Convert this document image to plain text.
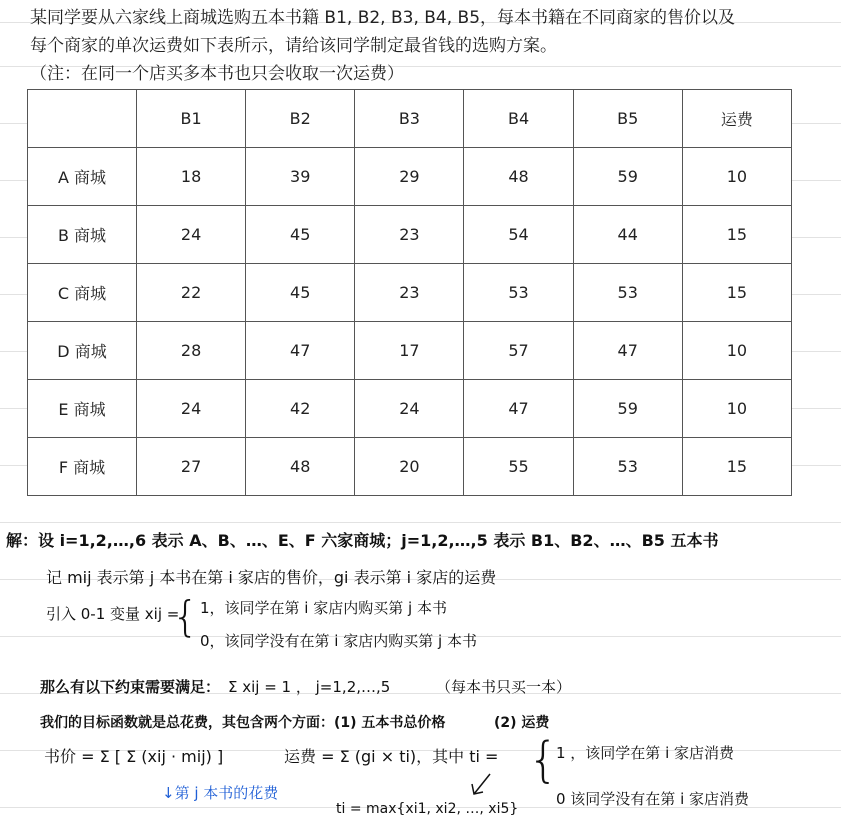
某同学要从六家线上商城选购五本书籍 B1, B2, B3, B4, B5，每本书籍在不同商家的售价以及
每个商家的单次运费如下表所示，请给该同学制定最省钱的选购方案。
（注：在同一个店买多本书也只会收取一次运费）
	B1	B2	B3	B4	B5	运费
A 商城	18	39	29	48	59	10
B 商城	24	45	23	54	44	15
C 商城	22	45	23	53	53	15
D 商城	28	47	17	57	47	10
E 商城	24	42	24	47	59	10
F 商城	27	48	20	55	53	15
解：设 i=1,2,…,6 表示 A、B、…、E、F 六家商城；j=1,2,…,5 表示 B1、B2、…、B5 五本书
记 mij 表示第 j 本书在第 i 家店的售价，gi 表示第 i 家店的运费
引入 0-1 变量 xij =
{ 1，该同学在第 i 家店内购买第 j 本书
0，该同学没有在第 i 家店内购买第 j 本书
那么有以下约束需要满足： Σ xij = 1 ， j=1,2,…,5	（每本书只买一本）
我们的目标函数就是总花费，其包含两个方面：(1) 五本书总价格	(2) 运费
书价 = Σ [ Σ (xij · mij) ]	运费 = Σ (gi × ti)，其中 ti = {
1 ，该同学在第 i 家店消费
0 该同学没有在第 i 家店消费
↓第 j 本书的花费
ti = max{xi1, xi2, …, xi5}
